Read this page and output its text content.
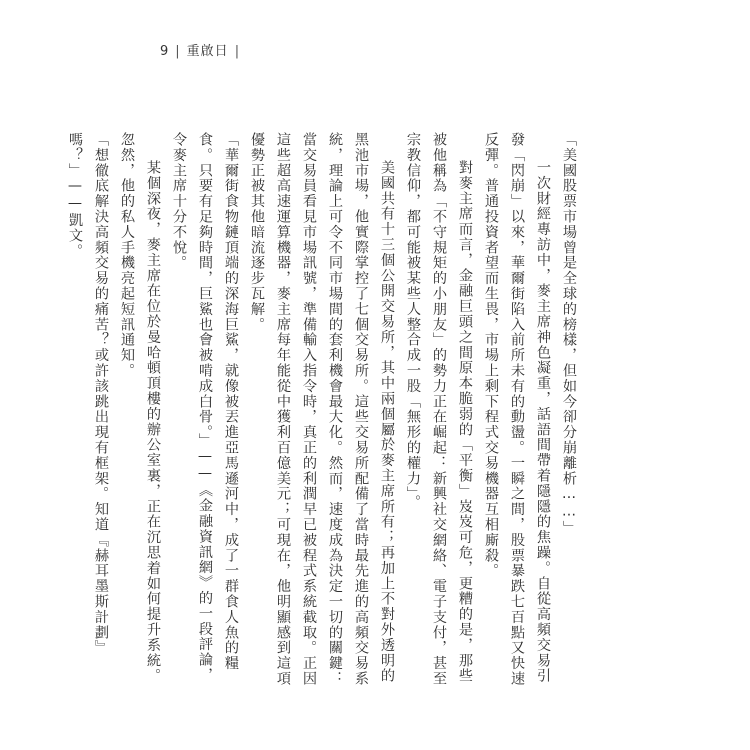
9 | 重啟日 |

「美國股票市場曾是全球的榜樣，但如今卻分崩離析……」

一次財經專訪中，麥主席神色凝重，話語間帶着隱隱的焦躁。自從高頻交易引發「閃崩」以來，華爾街陷入前所未有的動盪。一瞬之間，股票暴跌七百點又快速反彈。普通投資者望而生畏，市場上剩下程式交易機器互相廝殺。

對麥主席而言，金融巨頭之間原本脆弱的「平衡」岌岌可危，更糟的是，那些被他稱為「不守規矩的小朋友」的勢力正在崛起：新興社交網絡、電子支付，甚至宗教信仰，都可能被某些人整合成一股「無形的權力」。

美國共有十三個公開交易所，其中兩個屬於麥主席所有；再加上不對外透明的黑池市場，他實際掌控了七個交易所。這些交易所配備了當時最先進的高頻交易系統，理論上可令不同市場間的套利機會最大化。然而，速度成為決定一切的關鍵：當交易員看見市場訊號，準備輸入指令時，真正的利潤早已被程式系統截取。正因這些超高速運算機器，麥主席每年能從中獲利百億美元；可現在，他明顯感到這項優勢正被其他暗流逐步瓦解。

「華爾街食物鏈頂端的深海巨鯊，就像被丟進亞馬遜河中，成了一群食人魚的糧食。只要有足夠時間，巨鯊也會被啃成白骨。」——《金融資訊網》的一段評論，令麥主席十分不悅。

某個深夜，麥主席在位於曼哈頓頂樓的辦公室裏，正在沉思着如何提升系統。忽然，他的私人手機亮起短訊通知。

「想徹底解決高頻交易的痛苦？或許該跳出現有框架。知道『赫耳墨斯計劃』嗎？」——凱文。
